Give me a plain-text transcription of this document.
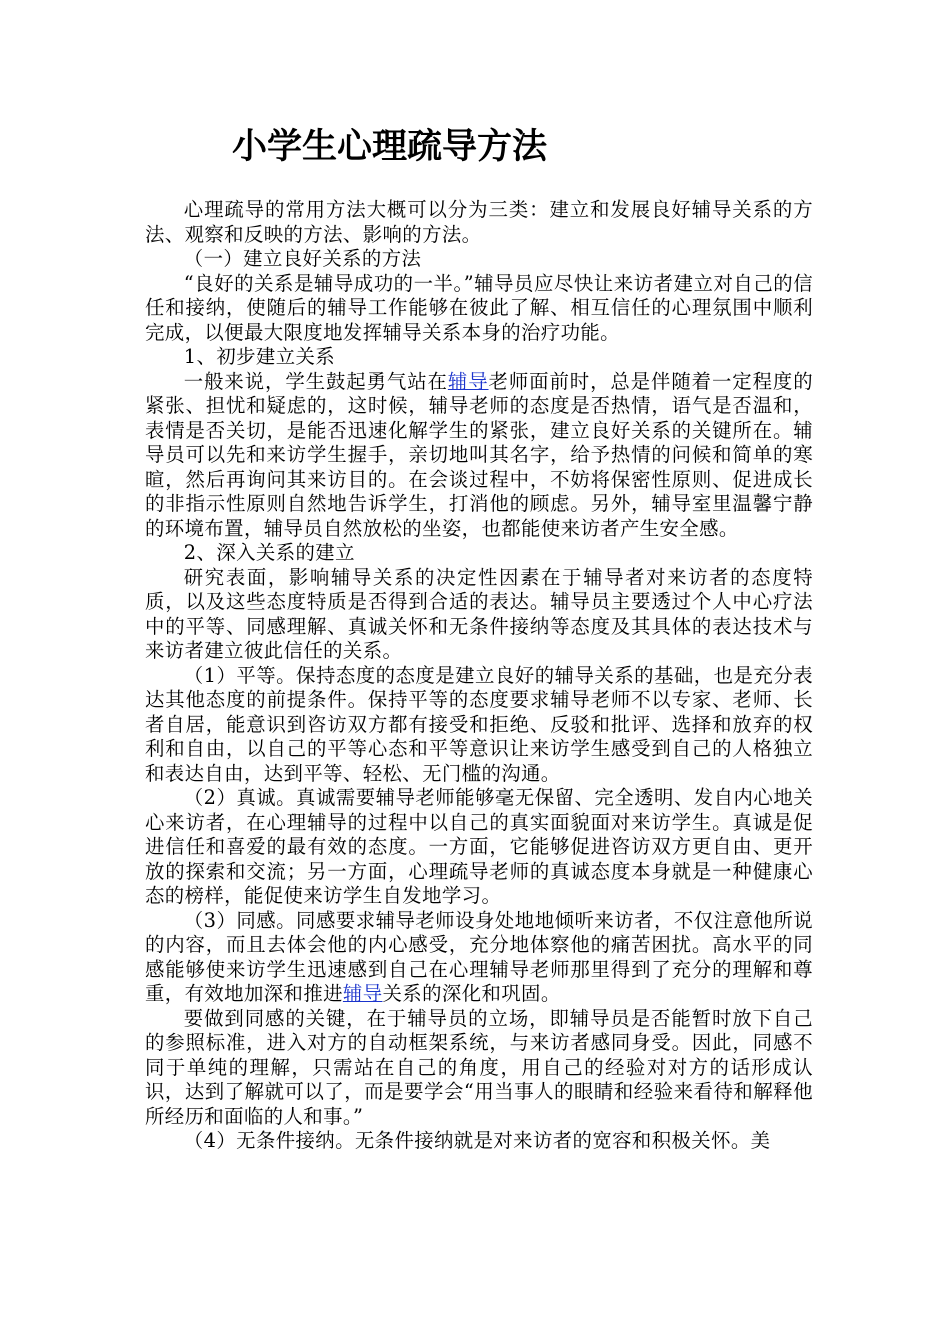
小学生心理疏导方法

心理疏导的常用方法大概可以分为三类：建立和发展良好辅导关系的方法、观察和反映的方法、影响的方法。

（一）建立良好关系的方法

“良好的关系是辅导成功的一半。”辅导员应尽快让来访者建立对自己的信任和接纳，使随后的辅导工作能够在彼此了解、相互信任的心理氛围中顺利完成，以便最大限度地发挥辅导关系本身的治疗功能。

1、初步建立关系

一般来说，学生鼓起勇气站在辅导老师面前时，总是伴随着一定程度的紧张、担忧和疑虑的，这时候，辅导老师的态度是否热情，语气是否温和，表情是否关切，是能否迅速化解学生的紧张，建立良好关系的关键所在。辅导员可以先和来访学生握手，亲切地叫其名字，给予热情的问候和简单的寒暄，然后再询问其来访目的。在会谈过程中，不妨将保密性原则、促进成长的非指示性原则自然地告诉学生，打消他的顾虑。另外，辅导室里温馨宁静的环境布置，辅导员自然放松的坐姿，也都能使来访者产生安全感。

2、深入关系的建立

研究表面，影响辅导关系的决定性因素在于辅导者对来访者的态度特质，以及这些态度特质是否得到合适的表达。辅导员主要透过个人中心疗法中的平等、同感理解、真诚关怀和无条件接纳等态度及其具体的表达技术与来访者建立彼此信任的关系。

（1）平等。保持态度的态度是建立良好的辅导关系的基础，也是充分表达其他态度的前提条件。保持平等的态度要求辅导老师不以专家、老师、长者自居，能意识到咨访双方都有接受和拒绝、反驳和批评、选择和放弃的权利和自由，以自己的平等心态和平等意识让来访学生感受到自己的人格独立和表达自由，达到平等、轻松、无门槛的沟通。

（2）真诚。真诚需要辅导老师能够毫无保留、完全透明、发自内心地关心来访者，在心理辅导的过程中以自己的真实面貌面对来访学生。真诚是促进信任和喜爱的最有效的态度。一方面，它能够促进咨访双方更自由、更开放的探索和交流；另一方面，心理疏导老师的真诚态度本身就是一种健康心态的榜样，能促使来访学生自发地学习。

（3）同感。同感要求辅导老师设身处地地倾听来访者，不仅注意他所说的内容，而且去体会他的内心感受，充分地体察他的痛苦困扰。高水平的同感能够使来访学生迅速感到自己在心理辅导老师那里得到了充分的理解和尊重，有效地加深和推进辅导关系的深化和巩固。

要做到同感的关键，在于辅导员的立场，即辅导员是否能暂时放下自己的参照标准，进入对方的自动框架系统，与来访者感同身受。因此，同感不同于单纯的理解，只需站在自己的角度，用自己的经验对对方的话形成认识，达到了解就可以了，而是要学会“用当事人的眼睛和经验来看待和解释他所经历和面临的人和事。”

（4）无条件接纳。无条件接纳就是对来访者的宽容和积极关怀。美
